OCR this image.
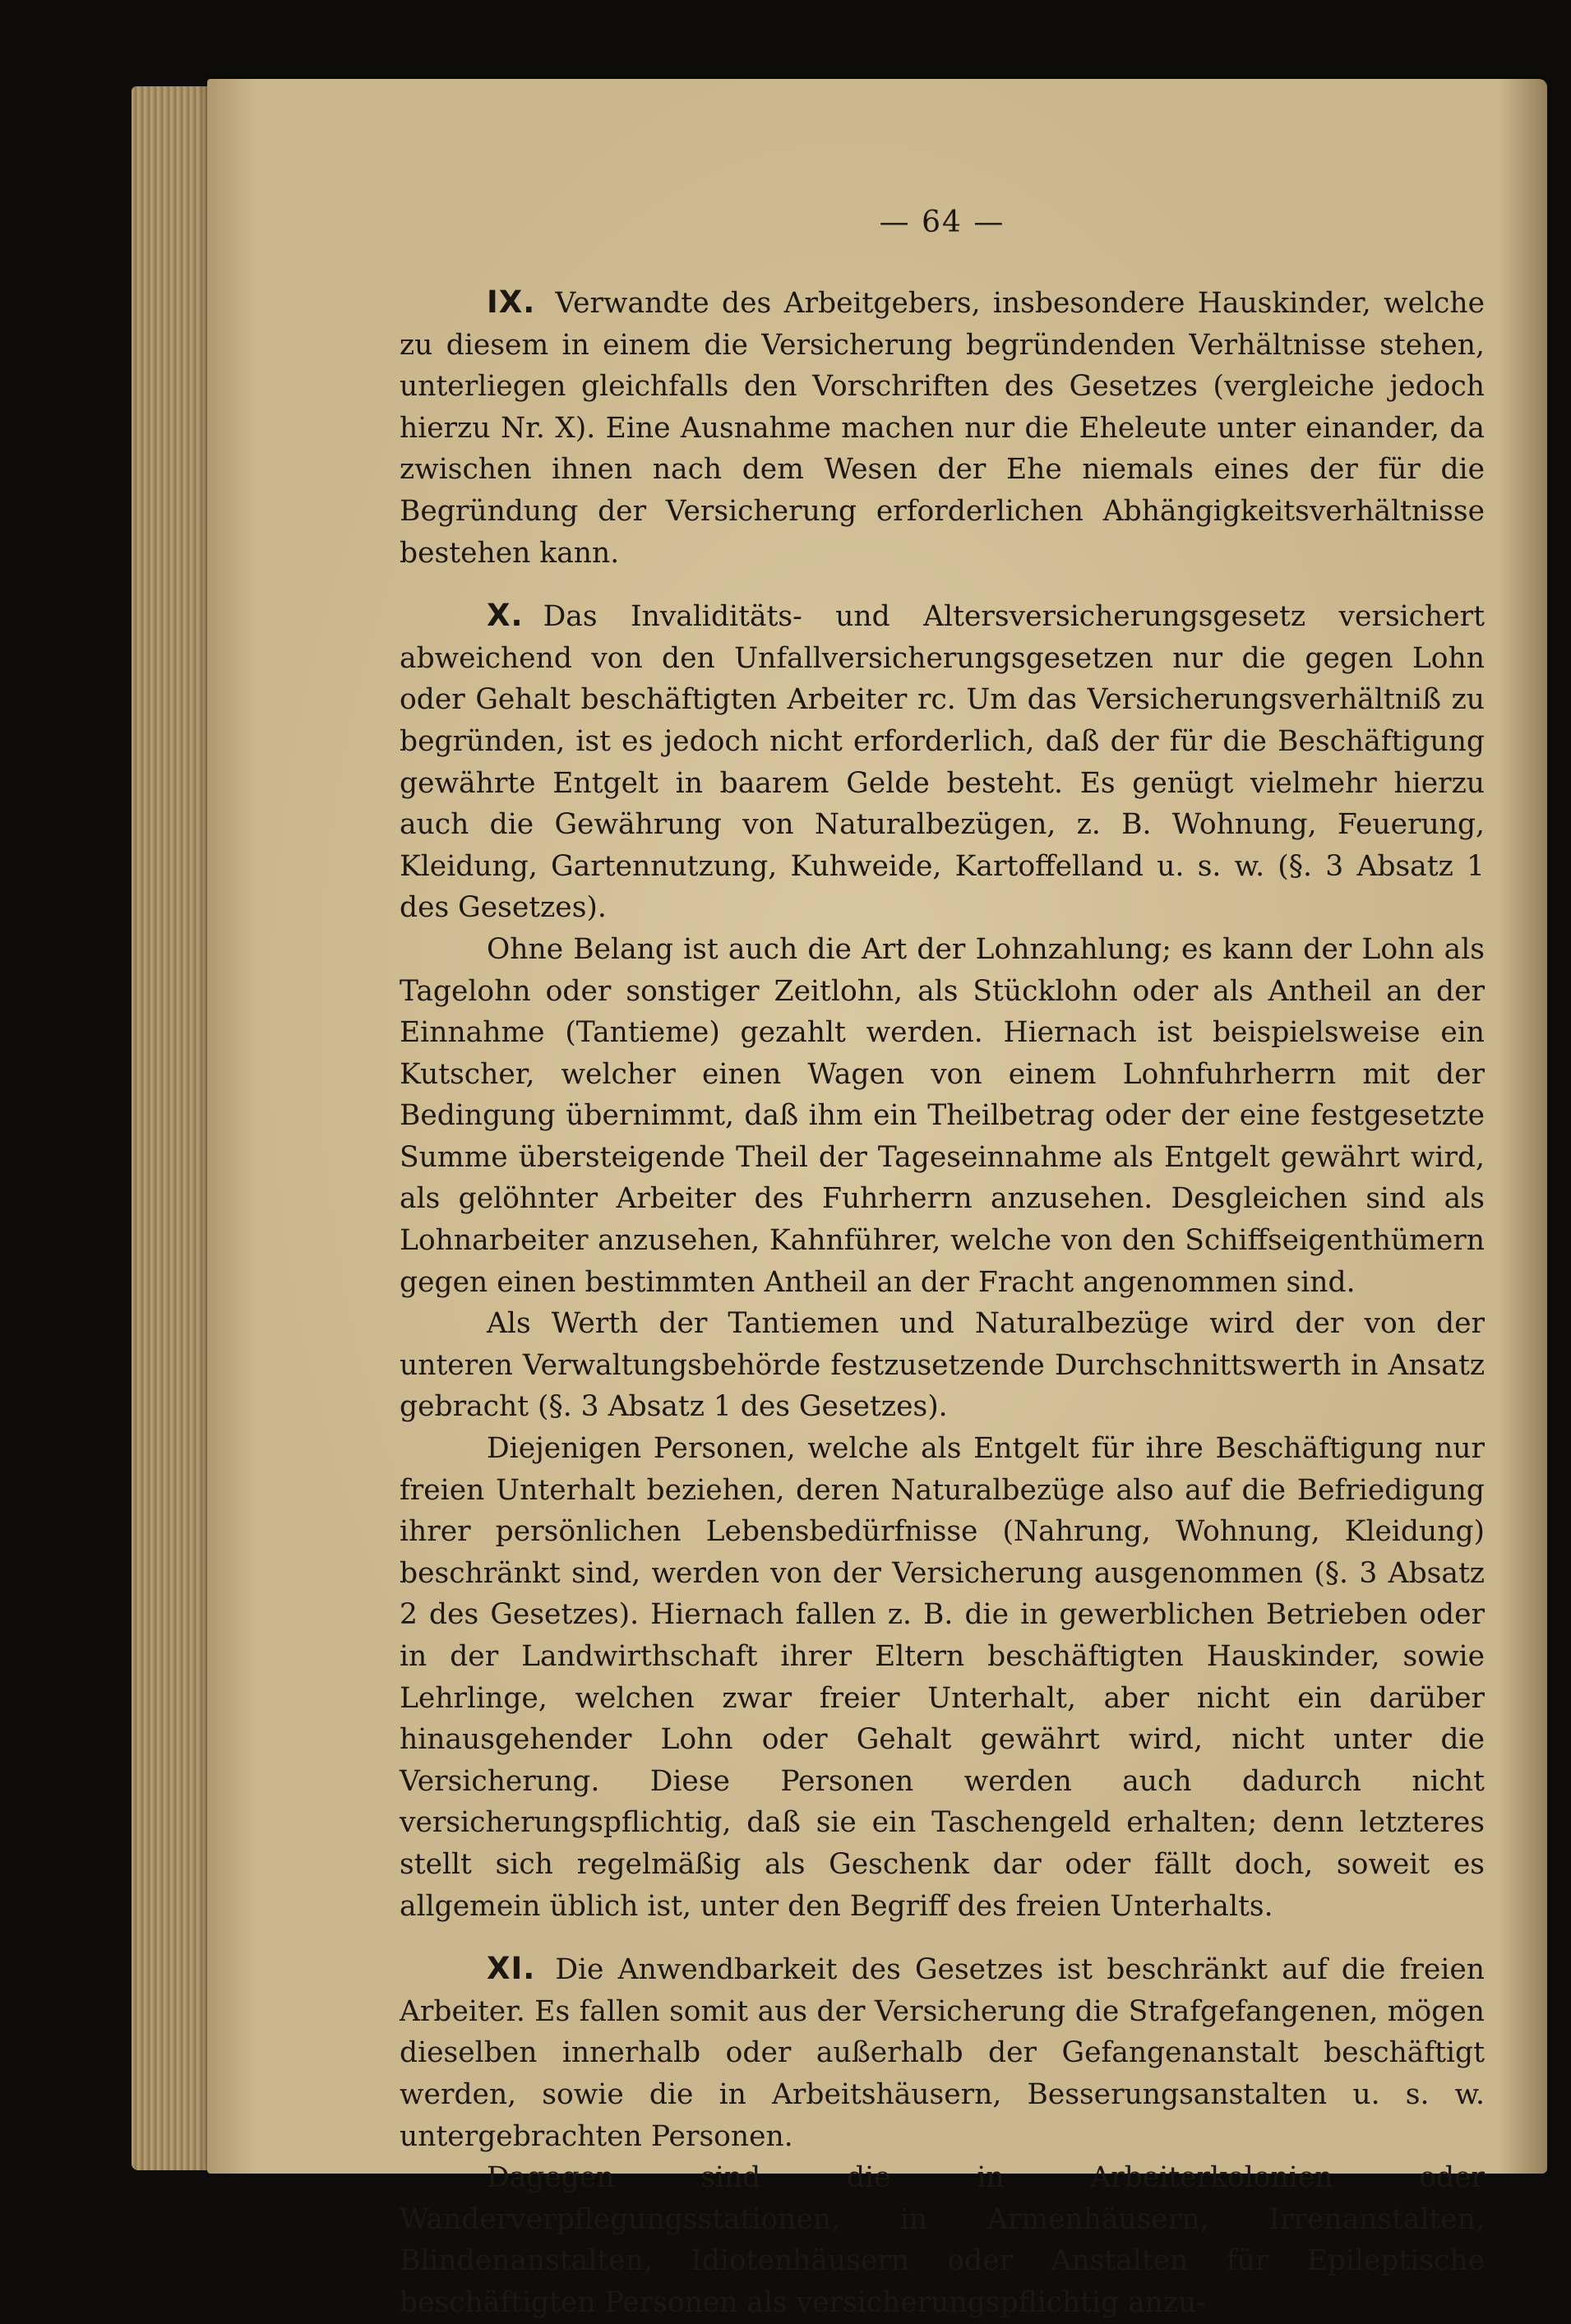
— 64 —

IX. Verwandte des Arbeitgebers, insbesondere Hauskinder, welche zu diesem in einem die Versicherung begründenden Verhältnisse stehen, unterliegen gleichfalls den Vorschriften des Gesetzes (vergleiche jedoch hierzu Nr. X). Eine Ausnahme machen nur die Eheleute unter einander, da zwischen ihnen nach dem Wesen der Ehe niemals eines der für die Begründung der Versicherung erforderlichen Abhängigkeitsverhältnisse bestehen kann.

X. Das Invaliditäts- und Altersversicherungsgesetz versichert abweichend von den Unfallversicherungsgesetzen nur die gegen Lohn oder Gehalt beschäftigten Arbeiter rc. Um das Versicherungsverhältniß zu begründen, ist es jedoch nicht erforderlich, daß der für die Beschäftigung gewährte Entgelt in baarem Gelde besteht. Es genügt vielmehr hierzu auch die Gewährung von Naturalbezügen, z. B. Wohnung, Feuerung, Kleidung, Gartennutzung, Kuhweide, Kartoffelland u. s. w. (§. 3 Absatz 1 des Gesetzes).

Ohne Belang ist auch die Art der Lohnzahlung; es kann der Lohn als Tagelohn oder sonstiger Zeitlohn, als Stücklohn oder als Antheil an der Einnahme (Tantieme) gezahlt werden. Hiernach ist beispielsweise ein Kutscher, welcher einen Wagen von einem Lohnfuhrherrn mit der Bedingung übernimmt, daß ihm ein Theilbetrag oder der eine festgesetzte Summe übersteigende Theil der Tageseinnahme als Entgelt gewährt wird, als gelöhnter Arbeiter des Fuhrherrn anzusehen. Desgleichen sind als Lohnarbeiter anzusehen, Kahnführer, welche von den Schiffseigenthümern gegen einen bestimmten Antheil an der Fracht angenommen sind.

Als Werth der Tantiemen und Naturalbezüge wird der von der unteren Verwaltungsbehörde festzusetzende Durchschnittswerth in Ansatz gebracht (§. 3 Absatz 1 des Gesetzes).

Diejenigen Personen, welche als Entgelt für ihre Beschäftigung nur freien Unterhalt beziehen, deren Naturalbezüge also auf die Befriedigung ihrer persönlichen Lebensbedürfnisse (Nahrung, Wohnung, Kleidung) beschränkt sind, werden von der Versicherung ausgenommen (§. 3 Absatz 2 des Gesetzes). Hiernach fallen z. B. die in gewerblichen Betrieben oder in der Landwirthschaft ihrer Eltern beschäftigten Hauskinder, sowie Lehrlinge, welchen zwar freier Unterhalt, aber nicht ein darüber hinausgehender Lohn oder Gehalt gewährt wird, nicht unter die Versicherung. Diese Personen werden auch dadurch nicht versicherungspflichtig, daß sie ein Taschengeld erhalten; denn letzteres stellt sich regelmäßig als Geschenk dar oder fällt doch, soweit es allgemein üblich ist, unter den Begriff des freien Unterhalts.

XI. Die Anwendbarkeit des Gesetzes ist beschränkt auf die freien Arbeiter. Es fallen somit aus der Versicherung die Strafgefangenen, mögen dieselben innerhalb oder außerhalb der Gefangenanstalt beschäftigt werden, sowie die in Arbeitshäusern, Besserungsanstalten u. s. w. untergebrachten Personen.

Dagegen sind die in Arbeiterkolonien oder Wanderverpflegungsstationen, in Armenhäusern, Irrenanstalten, Blindenanstalten, Idiotenhäusern oder Anstalten für Epileptische beschäftigten Personen als versicherungspflichtig anzu-
